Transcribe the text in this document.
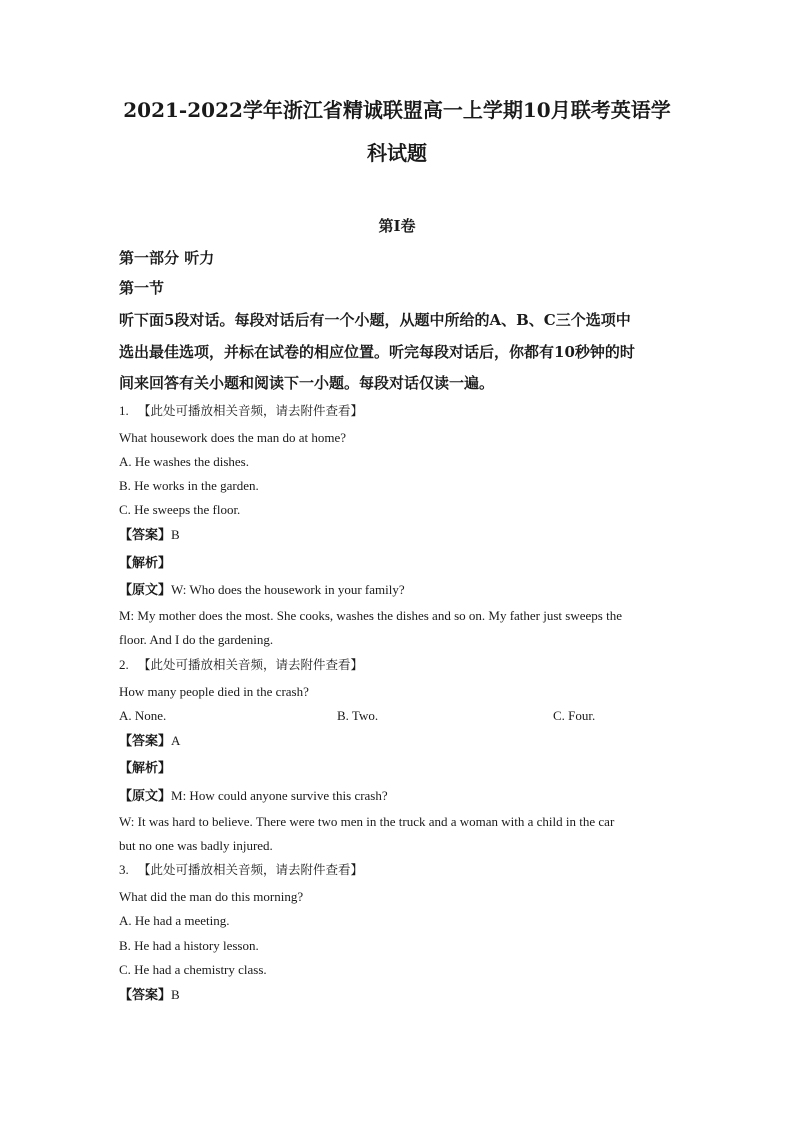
2021-2022学年浙江省精诚联盟高一上学期10月联考英语学
科试题
第I卷
第一部分 听力
第一节
听下面5段对话。每段对话后有一个小题，从题中所给的A、B、C三个选项中
选出最佳选项，并标在试卷的相应位置。听完每段对话后，你都有10秒钟的时
间来回答有关小题和阅读下一小题。每段对话仅读一遍。
1. 【此处可播放相关音频，请去附件查看】
What housework does the man do at home?
A. He washes the dishes.
B. He works in the garden.
C. He sweeps the floor.
【答案】B
【解析】
【原文】W: Who does the housework in your family?
M: My mother does the most. She cooks, washes the dishes and so on. My father just sweeps the
floor. And I do the gardening.
2. 【此处可播放相关音频，请去附件查看】
How many people died in the crash?
A. None.	B. Two.	C. Four.
【答案】A
【解析】
【原文】M: How could anyone survive this crash?
W: It was hard to believe. There were two men in the truck and a woman with a child in the car
but no one was badly injured.
3. 【此处可播放相关音频，请去附件查看】
What did the man do this morning?
A. He had a meeting.
B. He had a history lesson.
C. He had a chemistry class.
【答案】B
